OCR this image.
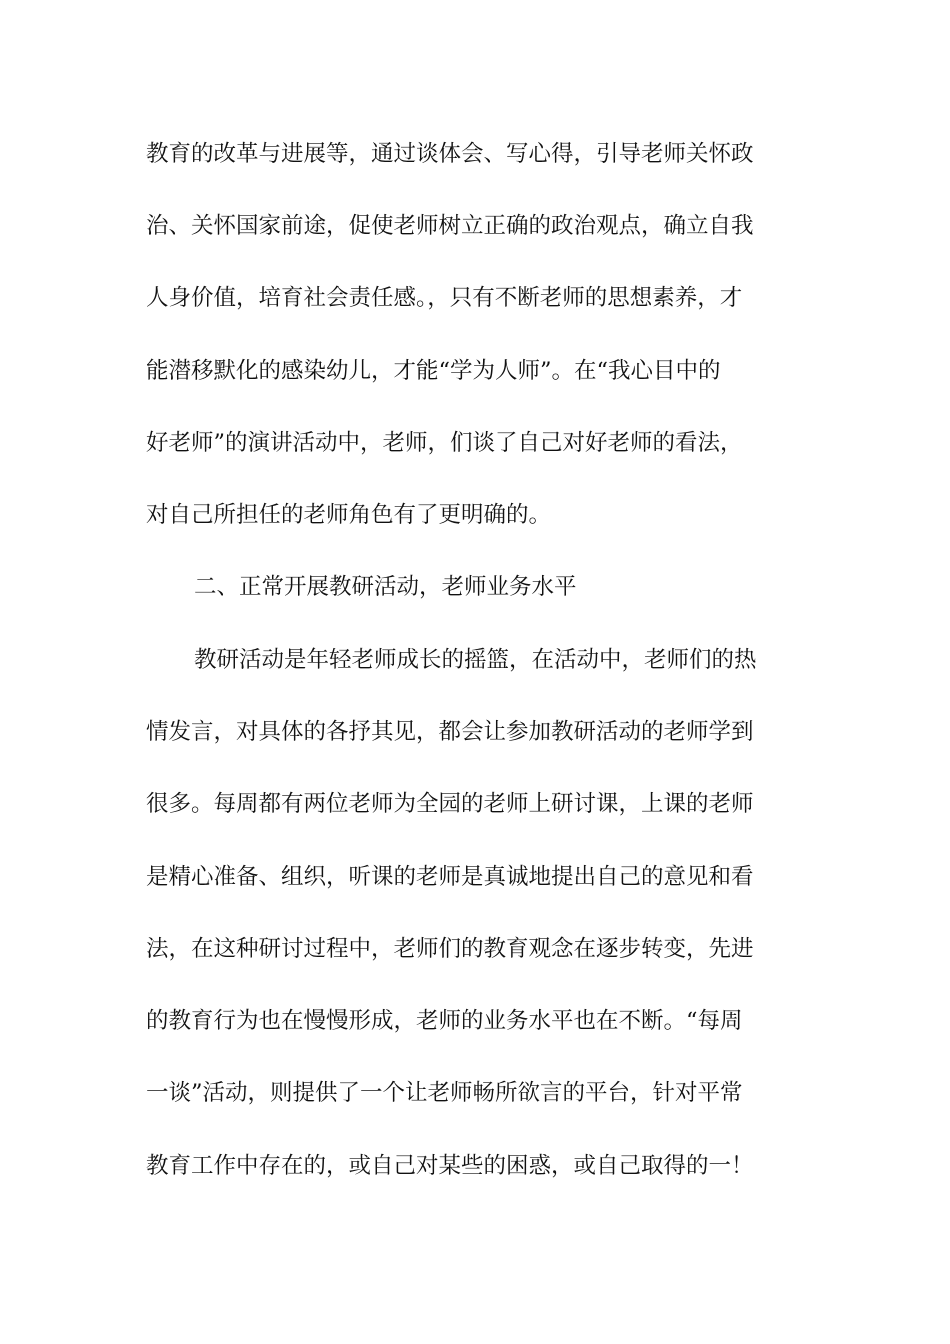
教育的改革与进展等，通过谈体会、写心得，引导老师关怀政
治、关怀国家前途，促使老师树立正确的政治观点，确立自我
人身价值，培育社会责任感。，只有不断老师的思想素养，才
能潜移默化的感染幼儿，才能“学为人师”。在“我心目中的
好老师”的演讲活动中，老师，们谈了自己对好老师的看法，
对自己所担任的老师角色有了更明确的。
二、正常开展教研活动，老师业务水平
教研活动是年轻老师成长的摇篮，在活动中，老师们的热
情发言，对具体的各抒其见，都会让参加教研活动的老师学到
很多。每周都有两位老师为全园的老师上研讨课，上课的老师
是精心准备、组织，听课的老师是真诚地提出自己的意见和看
法，在这种研讨过程中，老师们的教育观念在逐步转变，先进
的教育行为也在慢慢形成，老师的业务水平也在不断。“每周
一谈”活动，则提供了一个让老师畅所欲言的平台，针对平常
教育工作中存在的，或自己对某些的困惑，或自己取得的一！
